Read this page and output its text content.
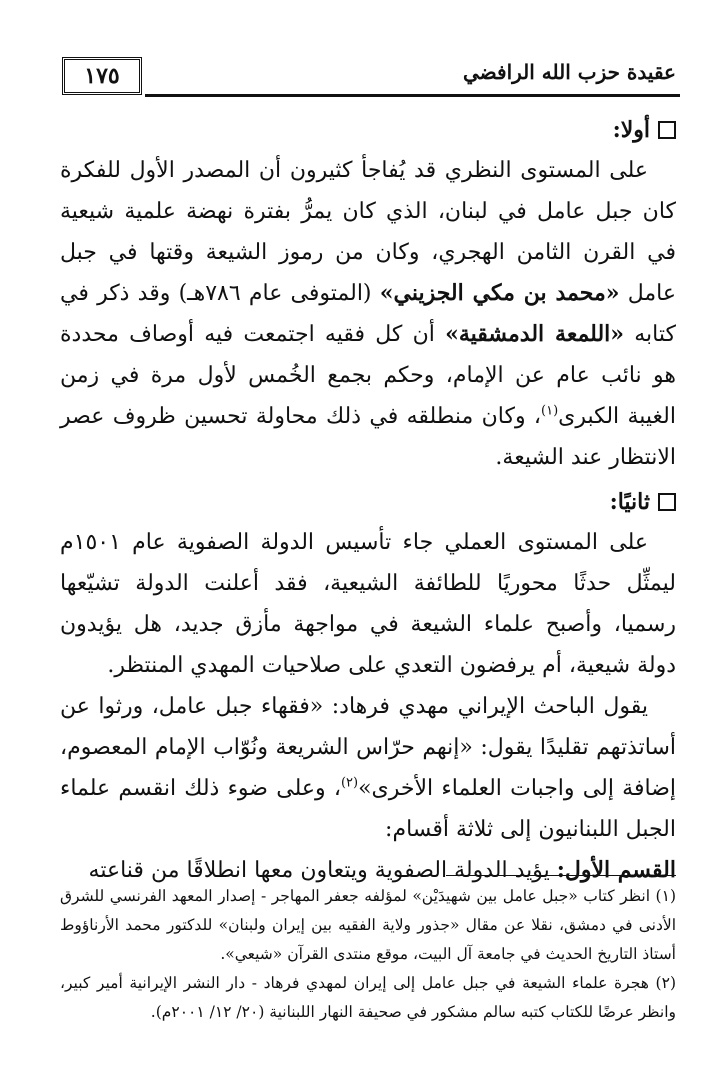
عقيدة حزب الله الرافضي
١٧٥
أولا:

على المستوى النظري قد يُفاجأ كثيرون أن المصدر الأول للفكرة كان جبل عامل في لبنان، الذي كان يمرُّ بفترة نهضة علمية شيعية في القرن الثامن الهجري، وكان من رموز الشيعة وقتها في جبل عامل «محمد بن مكي الجزيني» (المتوفى عام ٧٨٦هـ) وقد ذكر في كتابه «اللمعة الدمشقية» أن كل فقيه اجتمعت فيه أوصاف محددة هو نائب عام عن الإمام، وحكم بجمع الخُمس لأول مرة في زمن الغيبة الكبرى$^{(١)}$، وكان منطلقه في ذلك محاولة تحسين ظروف عصر الانتظار عند الشيعة.

ثانيًا:

على المستوى العملي جاء تأسيس الدولة الصفوية عام ١٥٠١م ليمثِّل حدثًا محوريًا للطائفة الشيعية، فقد أعلنت الدولة تشيّعها رسميا، وأصبح علماء الشيعة في مواجهة مأزق جديد، هل يؤيدون دولة شيعية، أم يرفضون التعدي على صلاحيات المهدي المنتظر.

يقول الباحث الإيراني مهدي فرهاد: «فقهاء جبل عامل، ورثوا عن أساتذتهم تقليدًا يقول: «إنهم حرّاس الشريعة ونُوّاب الإمام المعصوم، إضافة إلى واجبات العلماء الأخرى»$^{(٢)}$، وعلى ضوء ذلك انقسم علماء الجبل اللبنانيون إلى ثلاثة أقسام:

القسم الأول: يؤيد الدولة الصفوية ويتعاون معها انطلاقًا من قناعته

(١) انظر كتاب «جبل عامل بين شهيدَيْن» لمؤلفه جعفر المهاجر - إصدار المعهد الفرنسي للشرق الأدنى في دمشق، نقلا عن مقال «جذور ولاية الفقيه بين إيران ولبنان» للدكتور محمد الأرناؤوط أستاذ التاريخ الحديث في جامعة آل البيت، موقع منتدى القرآن «شيعي».

(٢) هجرة علماء الشيعة في جبل عامل إلى إيران لمهدي فرهاد - دار النشر الإيرانية أمير كبير، وانظر عرضًا للكتاب كتبه سالم مشكور في صحيفة النهار اللبنانية (٢٠/ ١٢/ ٢٠٠١م).
